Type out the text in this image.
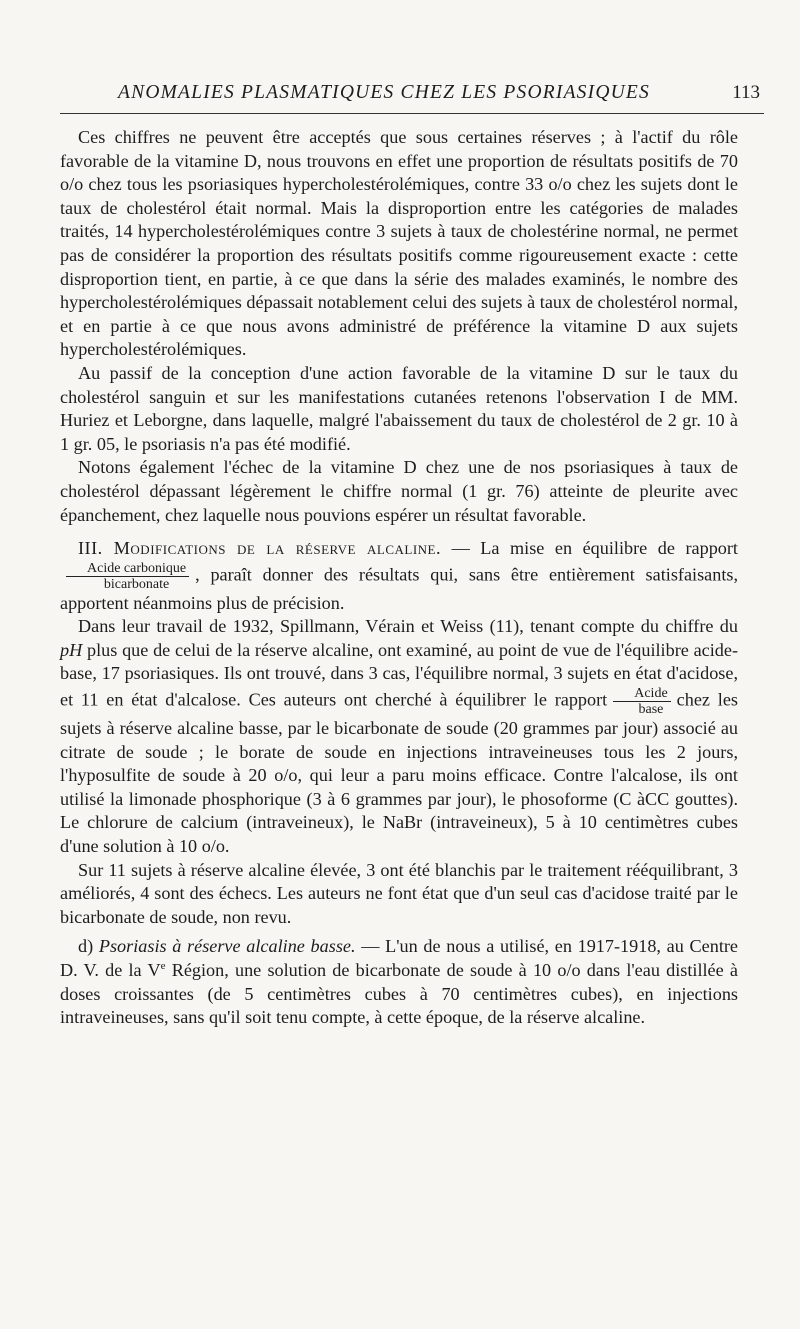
ANOMALIES PLASMATIQUES CHEZ LES PSORIASIQUES	113

Ces chiffres ne peuvent être acceptés que sous certaines réserves ; à l'actif du rôle favorable de la vitamine D, nous trouvons en effet une proportion de résultats positifs de 70 o/o chez tous les psoriasiques hypercholestérolémiques, contre 33 o/o chez les sujets dont le taux de cholestérol était normal. Mais la disproportion entre les catégories de malades traités, 14 hypercholestérolémiques contre 3 sujets à taux de cholestérine normal, ne permet pas de considérer la proportion des résultats positifs comme rigoureusement exacte : cette disproportion tient, en partie, à ce que dans la série des malades examinés, le nombre des hypercholestérolémiques dépassait notablement celui des sujets à taux de cholestérol normal, et en partie à ce que nous avons administré de préférence la vitamine D aux sujets hypercholestérolémiques.

Au passif de la conception d'une action favorable de la vitamine D sur le taux du cholestérol sanguin et sur les manifestations cutanées retenons l'observation I de MM. Huriez et Leborgne, dans laquelle, malgré l'abaissement du taux de cholestérol de 2 gr. 10 à 1 gr. 05, le psoriasis n'a pas été modifié.

Notons également l'échec de la vitamine D chez une de nos psoriasiques à taux de cholestérol dépassant légèrement le chiffre normal (1 gr. 76) atteinte de pleurite avec épanchement, chez laquelle nous pouvions espérer un résultat favorable.

III. Modifications de la réserve alcaline. — La mise en équilibre de rapport
$\frac{\text{Acide carbonique}}{\text{bicarbonate}}$ , paraît donner des résultats qui, sans être entièrement satisfaisants, apportent néanmoins plus de précision.

Dans leur travail de 1932, Spillmann, Vérain et Weiss (11), tenant compte du chiffre du pH plus que de celui de la réserve alcaline, ont examiné, au point de vue de l'équilibre acide-base, 17 psoriasiques. Ils ont trouvé, dans 3 cas, l'équilibre normal, 3 sujets en état d'acidose, et 11 en état d'alcalose. Ces auteurs ont cherché à équilibrer le rapport $\frac{\text{Acide}}{\text{base}}$ chez les sujets à réserve alcaline basse, par le bicarbonate de soude (20 grammes par jour) associé au citrate de soude ; le borate de soude en injections intraveineuses tous les 2 jours, l'hyposulfite de soude à 20 o/o, qui leur a paru moins efficace. Contre l'alcalose, ils ont utilisé la limonade phosphorique (3 à 6 grammes par jour), le phosoforme (C àCC gouttes). Le chlorure de calcium (intraveineux), le NaBr (intraveineux), 5 à 10 centimètres cubes d'une solution à 10 o/o.

Sur 11 sujets à réserve alcaline élevée, 3 ont été blanchis par le traitement rééquilibrant, 3 améliorés, 4 sont des échecs. Les auteurs ne font état que d'un seul cas d'acidose traité par le bicarbonate de soude, non revu.

d) Psoriasis à réserve alcaline basse. — L'un de nous a utilisé, en 1917-1918, au Centre D. V. de la Ve Région, une solution de bicarbonate de soude à 10 o/o dans l'eau distillée à doses croissantes (de 5 centimètres cubes à 70 centimètres cubes), en injections intraveineuses, sans qu'il soit tenu compte, à cette époque, de la réserve alcaline.
